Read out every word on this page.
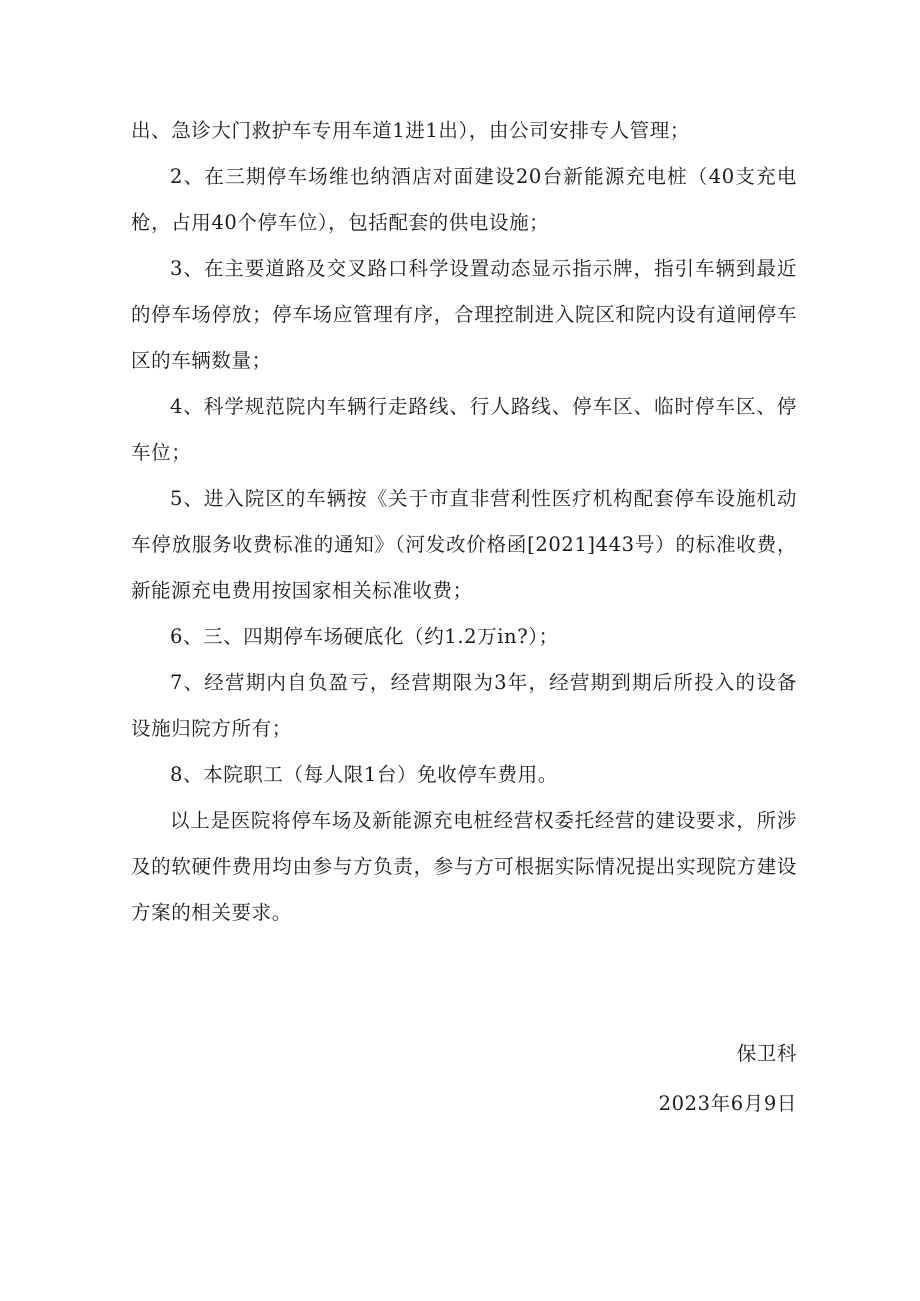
出、急诊大门救护车专用车道1进1出），由公司安排专人管理；

2、在三期停车场维也纳酒店对面建设20台新能源充电桩（40支充电枪，占用40个停车位），包括配套的供电设施；

3、在主要道路及交叉路口科学设置动态显示指示牌，指引车辆到最近的停车场停放；停车场应管理有序，合理控制进入院区和院内设有道闸停车区的车辆数量；

4、科学规范院内车辆行走路线、行人路线、停车区、临时停车区、停车位；

5、进入院区的车辆按《关于市直非营利性医疗机构配套停车设施机动车停放服务收费标准的通知》（河发改价格函[2021]443号）的标准收费，新能源充电费用按国家相关标准收费；

6、三、四期停车场硬底化（约1.2万in?）；

7、经营期内自负盈亏，经营期限为3年，经营期到期后所投入的设备设施归院方所有；

8、本院职工（每人限1台）免收停车费用。

以上是医院将停车场及新能源充电桩经营权委托经营的建设要求，所涉及的软硬件费用均由参与方负责，参与方可根据实际情况提出实现院方建设方案的相关要求。

保卫科

2023年6月9日
